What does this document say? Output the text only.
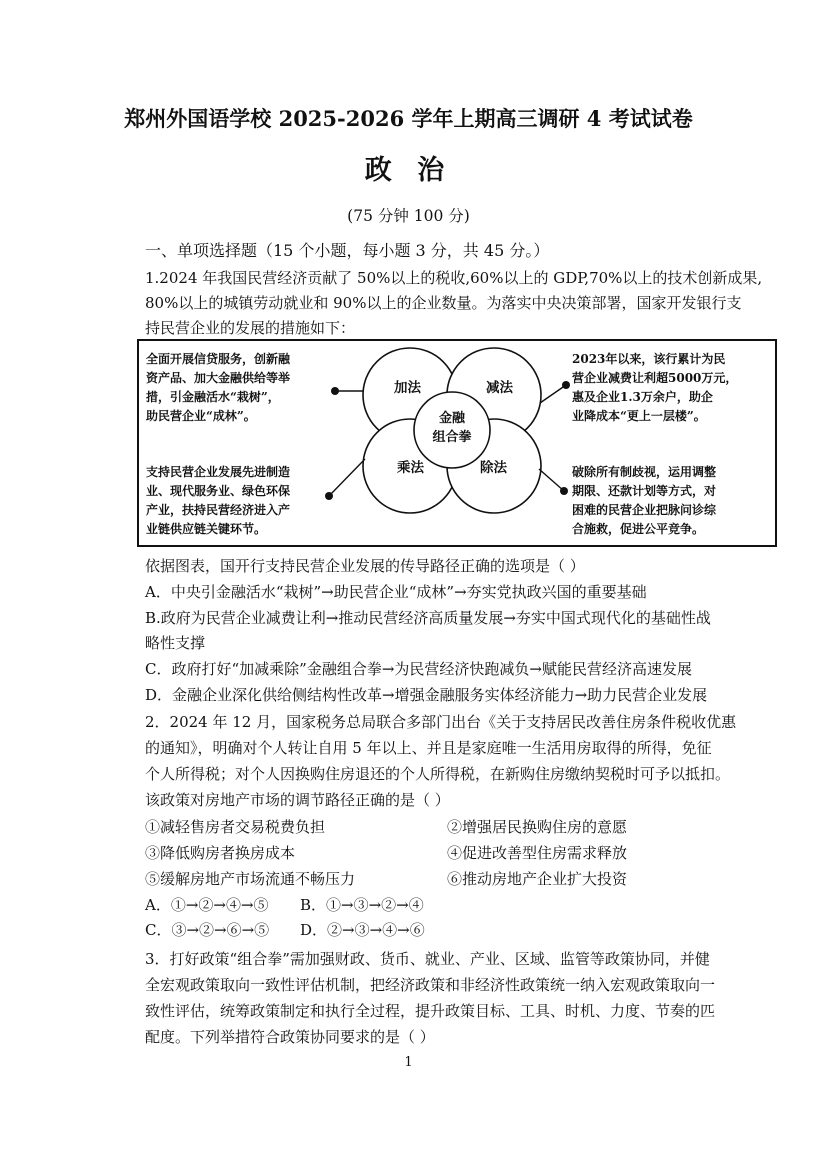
郑州外国语学校 2025-2026 学年上期高三调研 4 考试试卷
政 治
(75 分钟 100 分)
一、单项选择题（15 个小题，每小题 3 分，共 45 分。）
1.2024 年我国民营经济贡献了 50%以上的税收,60%以上的 GDP,70%以上的技术创新成果,
80%以上的城镇劳动就业和 90%以上的企业数量。为落实中央决策部署，国家开发银行支
持民营企业的发展的措施如下：
全面开展信贷服务，创新融
资产品、加大金融供给等举
措，引金融活水“栽树”，
助民营企业“成林”。
2023年以来，该行累计为民
营企业减费让利超5000万元，
惠及企业1.3万余户，助企
业降成本“更上一层楼”。
支持民营企业发展先进制造
业、现代服务业、绿色环保
产业，扶持民营经济进入产
业链供应链关键环节。
破除所有制歧视，运用调整
期限、还款计划等方式，对
困难的民营企业把脉问诊综
合施救，促进公平竞争。
加法	减法
乘法	除法
金融
组合拳
依据图表，国开行支持民营企业发展的传导路径正确的选项是（ ）
A．中央引金融活水“栽树”→助民营企业“成林”→夯实党执政兴国的重要基础
B.政府为民营企业减费让利→推动民营经济高质量发展→夯实中国式现代化的基础性战
略性支撑
C．政府打好“加减乘除”金融组合拳→为民营经济快跑减负→赋能民营经济高速发展
D．金融企业深化供给侧结构性改革→增强金融服务实体经济能力→助力民营企业发展
2．2024 年 12 月，国家税务总局联合多部门出台《关于支持居民改善住房条件税收优惠
的通知》，明确对个人转让自用 5 年以上、并且是家庭唯一生活用房取得的所得，免征
个人所得税；对个人因换购住房退还的个人所得税，在新购住房缴纳契税时可予以抵扣。
该政策对房地产市场的调节路径正确的是（ ）
①减轻售房者交易税费负担	②增强居民换购住房的意愿
③降低购房者换房成本	④促进改善型住房需求释放
⑤缓解房地产市场流通不畅压力	⑥推动房地产企业扩大投资
A．①→②→④→⑤ B．①→③→②→④
C．③→②→⑥→⑤ D．②→③→④→⑥
3．打好政策“组合拳”需加强财政、货币、就业、产业、区域、监管等政策协同，并健
全宏观政策取向一致性评估机制，把经济政策和非经济性政策统一纳入宏观政策取向一
致性评估，统筹政策制定和执行全过程，提升政策目标、工具、时机、力度、节奏的匹
配度。下列举措符合政策协同要求的是（ ）
1
